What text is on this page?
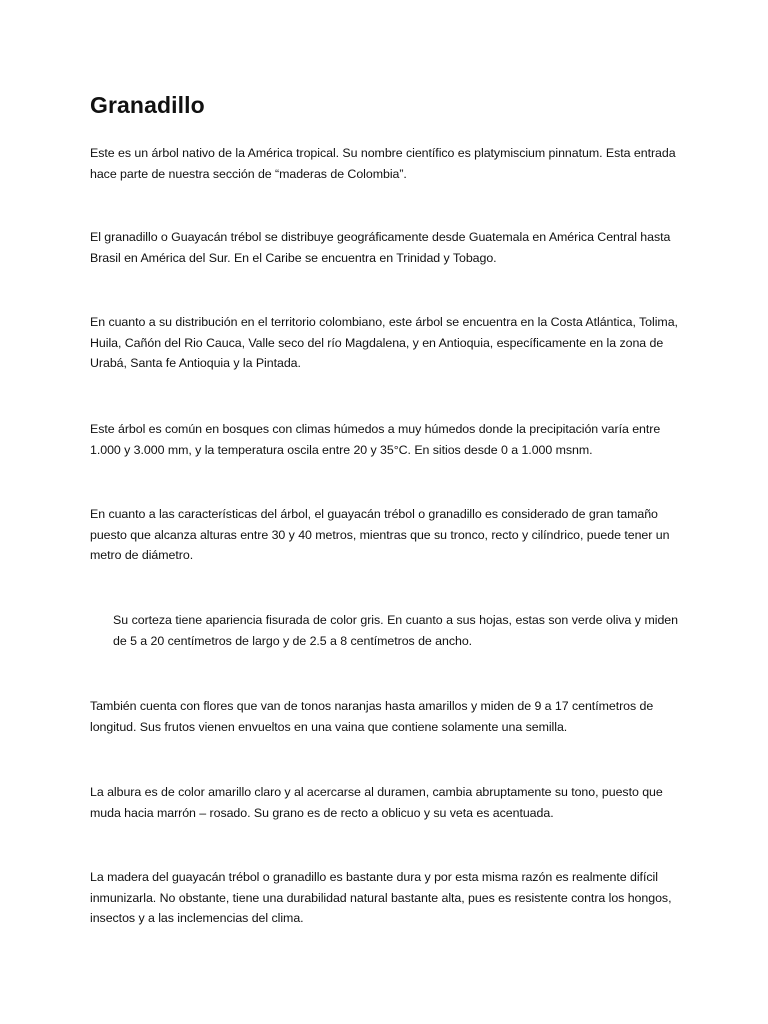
Granadillo

Este es un árbol nativo de la América tropical. Su nombre científico es platymiscium pinnatum. Esta entrada hace parte de nuestra sección de “maderas de Colombia”.

El granadillo o Guayacán trébol se distribuye geográficamente desde Guatemala en América Central hasta Brasil en América del Sur. En el Caribe se encuentra en Trinidad y Tobago.

En cuanto a su distribución en el territorio colombiano, este árbol se encuentra en la Costa Atlántica, Tolima, Huila, Cañón del Rio Cauca, Valle seco del río Magdalena, y en Antioquia, específicamente en la zona de Urabá, Santa fe Antioquia y la Pintada.

Este árbol es común en bosques con climas húmedos a muy húmedos donde la precipitación varía entre 1.000 y 3.000 mm, y la temperatura oscila entre 20 y 35°C. En sitios desde 0 a 1.000 msnm.

En cuanto a las características del árbol, el guayacán trébol o granadillo es considerado de gran tamaño puesto que alcanza alturas entre 30 y 40 metros, mientras que su tronco, recto y cilíndrico, puede tener un metro de diámetro.

Su corteza tiene apariencia fisurada de color gris. En cuanto a sus hojas, estas son verde oliva y miden de 5 a 20 centímetros de largo y de 2.5 a 8 centímetros de ancho.

También cuenta con flores que van de tonos naranjas hasta amarillos y miden de 9 a 17 centímetros de longitud. Sus frutos vienen envueltos en una vaina que contiene solamente una semilla.

La albura es de color amarillo claro y al acercarse al duramen, cambia abruptamente su tono, puesto que muda hacia marrón – rosado. Su grano es de recto a oblicuo y su veta es acentuada.

La madera del guayacán trébol o granadillo es bastante dura y por esta misma razón es realmente difícil inmunizarla. No obstante, tiene una durabilidad natural bastante alta, pues es resistente contra los hongos, insectos y a las inclemencias del clima.
